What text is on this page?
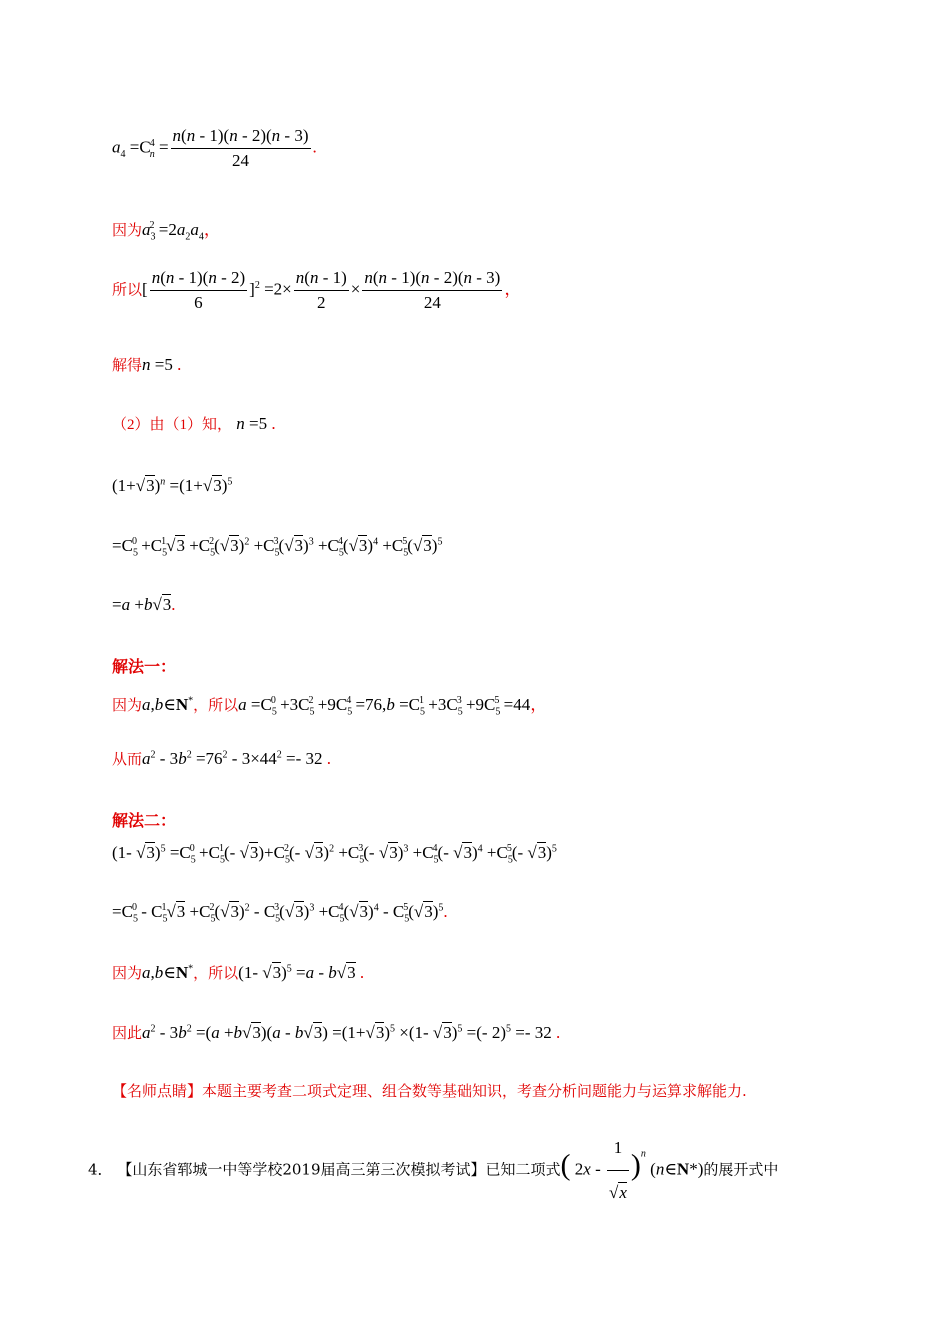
$a_4 =C^4_n = \frac{n(n - 1)(n - 2)(n - 3)}{24}$ .
因为$a_3^2 =2a_2a_4$，
所以[ $\frac{n(n - 1)(n - 2)}{6} ]^2 =2\times \frac{n(n - 1)}{2} \times \frac{n(n - 1)(n - 2)(n - 3)}{24}$ ，
解得n =5 .
（2）由（1）知， n =5 .
$(1+√3)^n =(1+√3)^5$
$=C_5^0 +C_5^1√3 +C_5^2(√3)^2 +C_5^3(√3)^3 +C_5^4(√3)^4 +C_5^5(√3)^5$
=a +b√3.
解法一：
因为a,b∈N*，所以$a =C_5^0 +3C_5^2 +9C_5^4 =76,b =C_5^1 +3C_5^3 +9C_5^5 =44$，
从而$a^2 - 3b^2 =76^2 - 3\times 44^2 =- 32$ .
解法二：
(1- $√3)^5 =C_5^0 +C_5^1(-$ $√3)+C_5^2(-$ $√3)^2 +C_5^3(-$ $√3)^3 +C_5^4(-$ $√3)^4 +C_5^5(-$ √3)$^5$
$=C_5^0 - C_5^1√3 +C_5^2(√3)^2 - C_5^3(√3)^3 +C_5^4(√3)^4 - C_5^5(√3)^5$.
因为a,b∈N*，所以(1- √3)$^5$ =a - b√3 .
因此$a^2 - 3b^2 =(a +b√3)(a - b√3) =(1+√3)^5 \times(1-$ √3)$^5$ =(- 2)$^5$ =- 32 .
【名师点睛】本题主要考查二项式定理、组合数等基础知识，考查分析问题能力与运算求解能力.
4． 【山东省郓城一中等学校2019届高三第三次模拟考试】已知二项式( $2x - \frac{1}{√x} )^n$ (n∈N*)的展开式中
